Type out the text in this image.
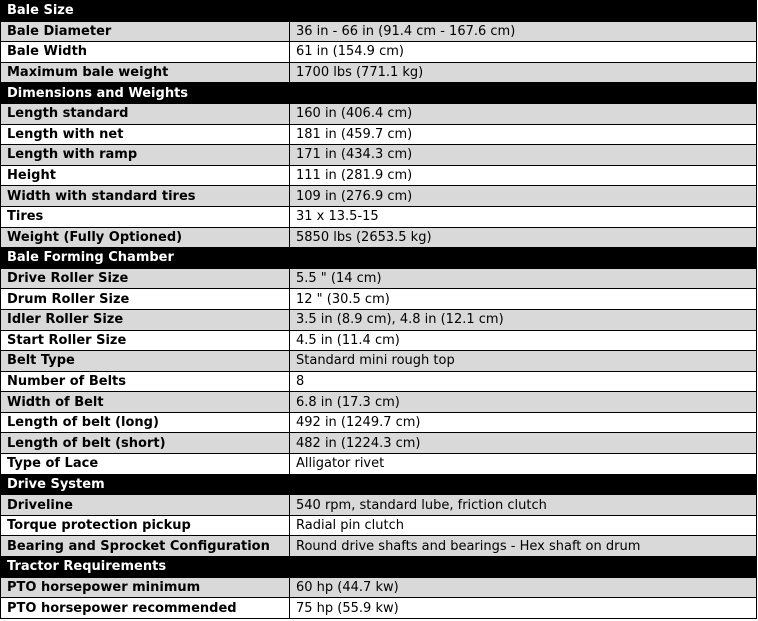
Bale Size	
Bale Diameter	36 in - 66 in (91.4 cm - 167.6 cm)
Bale Width	61 in (154.9 cm)
Maximum bale weight	1700 lbs (771.1 kg)
Dimensions and Weights	
Length standard	160 in (406.4 cm)
Length with net	181 in (459.7 cm)
Length with ramp	171 in (434.3 cm)
Height	111 in (281.9 cm)
Width with standard tires	109 in (276.9 cm)
Tires	31 x 13.5-15
Weight (Fully Optioned)	5850 lbs (2653.5 kg)
Bale Forming Chamber	
Drive Roller Size	5.5 " (14 cm)
Drum Roller Size	12 " (30.5 cm)
Idler Roller Size	3.5 in (8.9 cm), 4.8 in (12.1 cm)
Start Roller Size	4.5 in (11.4 cm)
Belt Type	Standard mini rough top
Number of Belts	8
Width of Belt	6.8 in (17.3 cm)
Length of belt (long)	492 in (1249.7 cm)
Length of belt (short)	482 in (1224.3 cm)
Type of Lace	Alligator rivet
Drive System	
Driveline	540 rpm, standard lube, friction clutch
Torque protection pickup	Radial pin clutch
Bearing and Sprocket Configuration	Round drive shafts and bearings - Hex shaft on drum
Tractor Requirements	
PTO horsepower minimum	60 hp (44.7 kw)
PTO horsepower recommended	75 hp (55.9 kw)
